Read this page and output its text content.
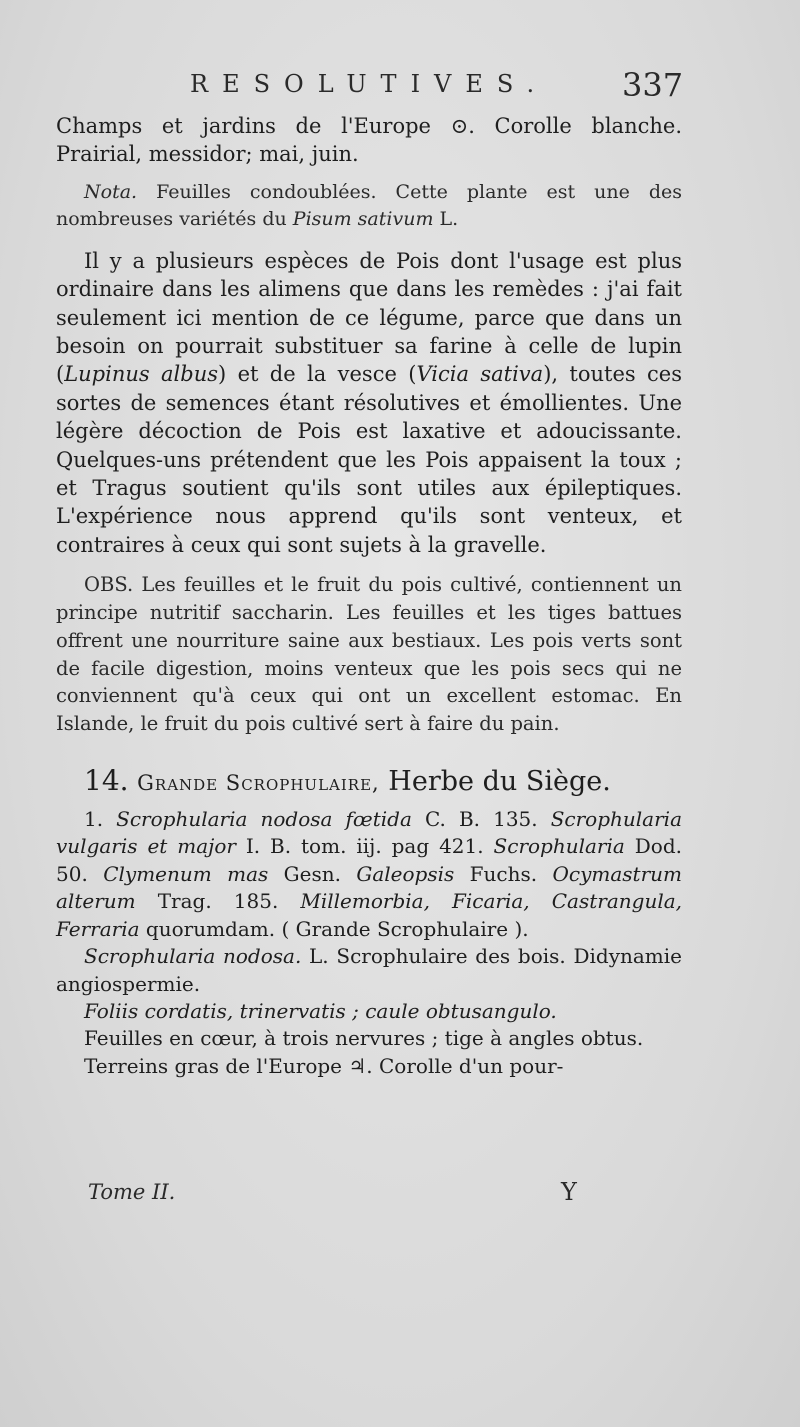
RESOLUTIVES. 337

Champs et jardins de l'Europe ⊙. Corolle blanche. Prairial, messidor; mai, juin.

Nota. Feuilles condoublées. Cette plante est une des nombreuses variétés du Pisum sativum L.

Il y a plusieurs espèces de Pois dont l'usage est plus ordinaire dans les alimens que dans les remèdes : j'ai fait seulement ici mention de ce légume, parce que dans un besoin on pourrait substituer sa farine à celle de lupin (Lupinus albus) et de la vesce (Vicia sativa), toutes ces sortes de semences étant résolutives et émollientes. Une légère décoction de Pois est laxative et adoucissante. Quelques-uns prétendent que les Pois appaisent la toux ; et Tragus soutient qu'ils sont utiles aux épileptiques. L'expérience nous apprend qu'ils sont venteux, et contraires à ceux qui sont sujets à la gravelle.

OBS. Les feuilles et le fruit du pois cultivé, contiennent un principe nutritif saccharin. Les feuilles et les tiges battues offrent une nourriture saine aux bestiaux. Les pois verts sont de facile digestion, moins venteux que les pois secs qui ne conviennent qu'à ceux qui ont un excellent estomac. En Islande, le fruit du pois cultivé sert à faire du pain.

14. Grande Scrophulaire, Herbe du Siège.

1. Scrophularia nodosa fœtida C. B. 135. Scrophularia vulgaris et major I. B. tom. iij. pag 421. Scrophularia Dod. 50. Clymenum mas Gesn. Galeopsis Fuchs. Ocymastrum alterum Trag. 185. Millemorbia, Ficaria, Castrangula, Ferraria quorumdam. ( Grande Scrophulaire ).

Scrophularia nodosa. L. Scrophulaire des bois. Didynamie angiospermie.

Foliis cordatis, trinervatis ; caule obtusangulo.

Feuilles en cœur, à trois nervures ; tige à angles obtus.

Terreins gras de l'Europe ♃. Corolle d'un pour-

Tome II.	Y
